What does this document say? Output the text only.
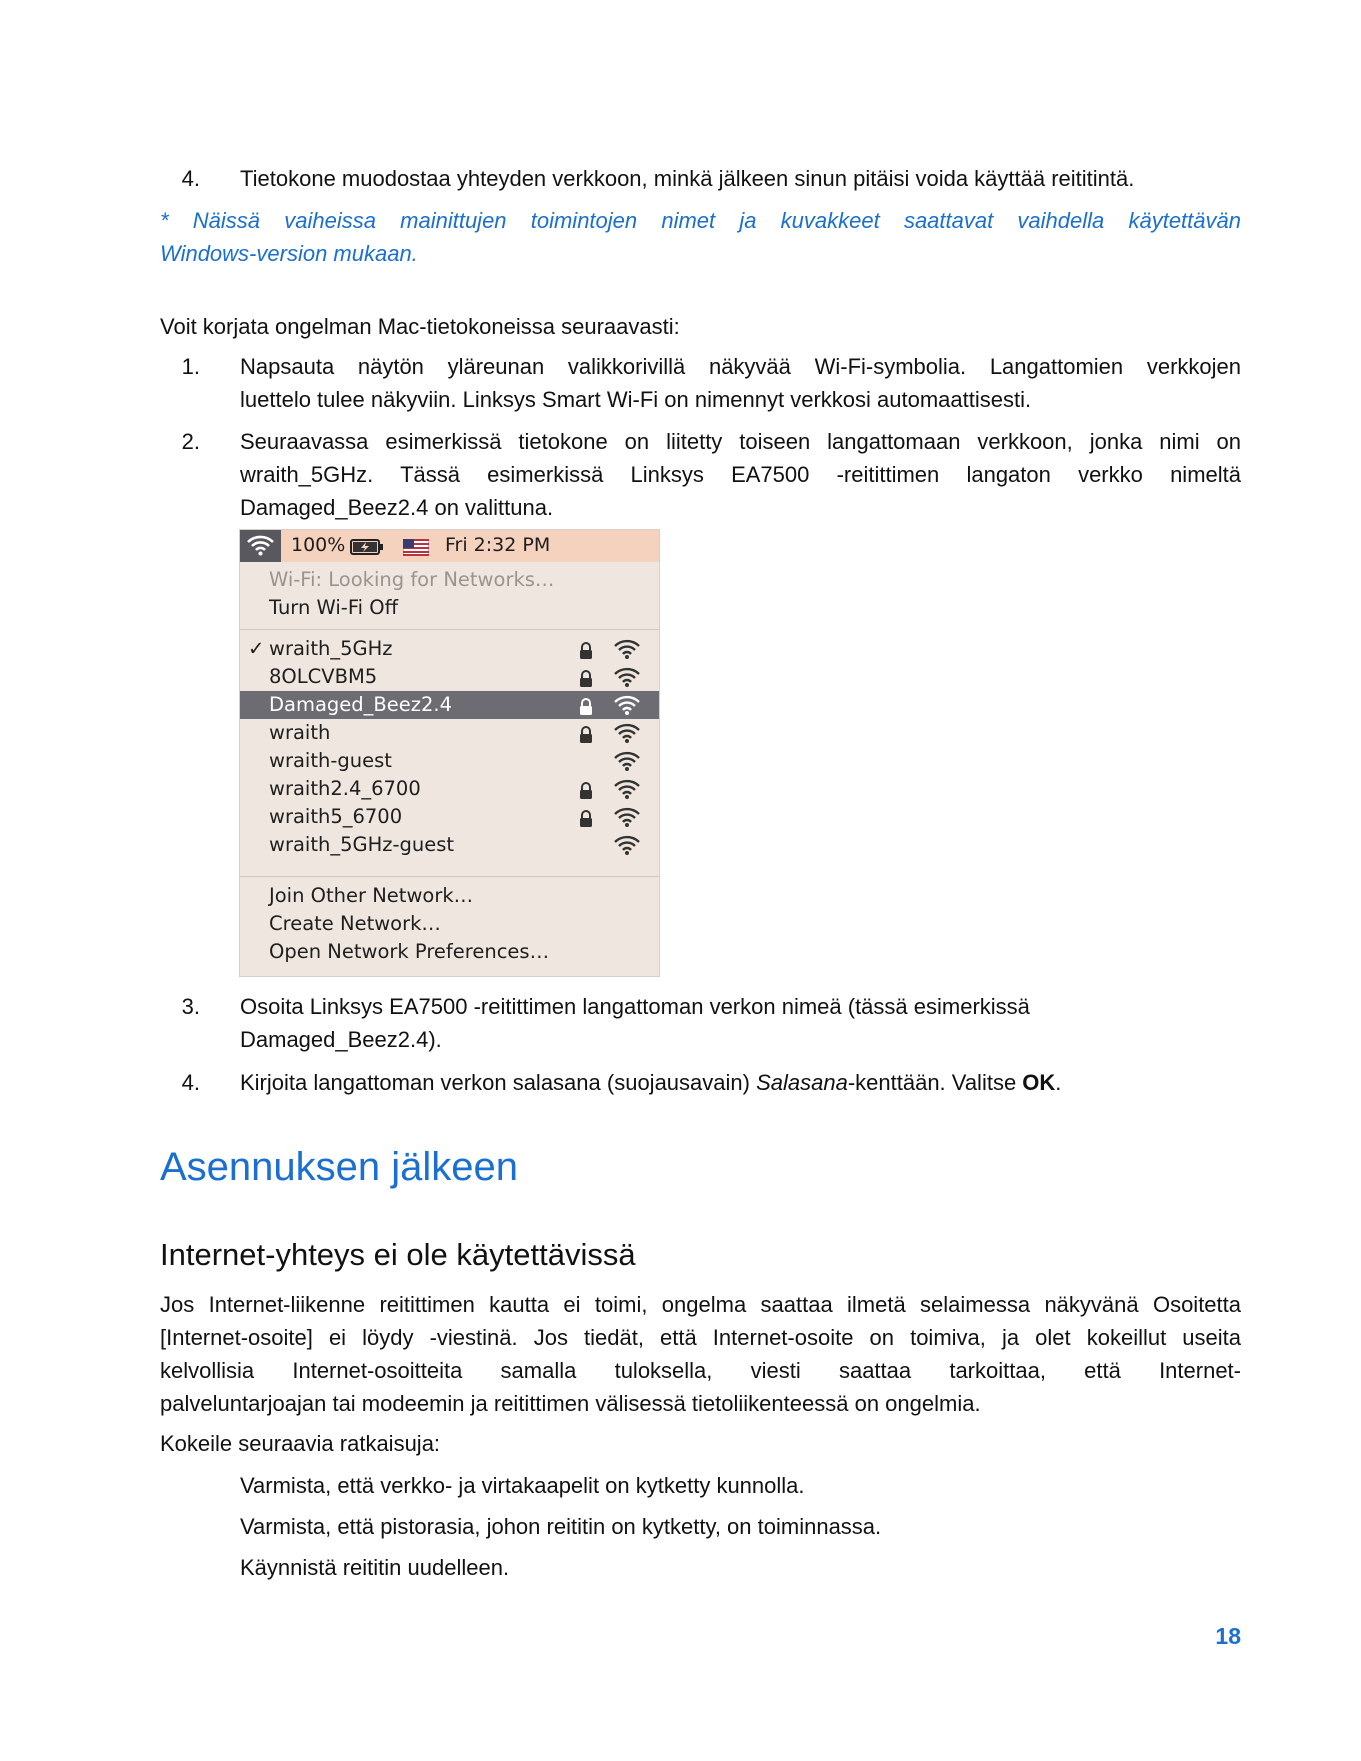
4. Tietokone muodostaa yhteyden verkkoon, minkä jälkeen sinun pitäisi voida käyttää reititintä.
* Näissä vaiheissa mainittujen toimintojen nimet ja kuvakkeet saattavat vaihdella käytettävän
Windows-version mukaan.
Voit korjata ongelman Mac-tietokoneissa seuraavasti:
1. Napsauta näytön yläreunan valikkorivillä näkyvää Wi-Fi-symbolia. Langattomien verkkojen
luettelo tulee näkyviin. Linksys Smart Wi-Fi on nimennyt verkkosi automaattisesti.
2. Seuraavassa esimerkissä tietokone on liitetty toiseen langattomaan verkkoon, jonka nimi on
wraith_5GHz. Tässä esimerkissä Linksys EA7500 -reitittimen langaton verkko nimeltä
Damaged_Beez2.4 on valittuna.
100%	Fri 2:32 PM
Wi-Fi: Looking for Networks…
Turn Wi-Fi Off
✓ wraith_5GHz
8OLCVBM5
Damaged_Beez2.4
wraith
wraith-guest
wraith2.4_6700
wraith5_6700
wraith_5GHz-guest
Join Other Network…
Create Network…
Open Network Preferences…
3. Osoita Linksys EA7500 -reitittimen langattoman verkon nimeä (tässä esimerkissä
Damaged_Beez2.4).
4. Kirjoita langattoman verkon salasana (suojausavain) Salasana-kenttään. Valitse OK.
Asennuksen jälkeen
Internet-yhteys ei ole käytettävissä
Jos Internet-liikenne reitittimen kautta ei toimi, ongelma saattaa ilmetä selaimessa näkyvänä Osoitetta
[Internet-osoite] ei löydy -viestinä. Jos tiedät, että Internet-osoite on toimiva, ja olet kokeillut useita
kelvollisia Internet-osoitteita samalla tuloksella, viesti saattaa tarkoittaa, että Internet-
palveluntarjoajan tai modeemin ja reitittimen välisessä tietoliikenteessä on ongelmia.
Kokeile seuraavia ratkaisuja:
Varmista, että verkko- ja virtakaapelit on kytketty kunnolla.
Varmista, että pistorasia, johon reititin on kytketty, on toiminnassa.
Käynnistä reititin uudelleen.
18
